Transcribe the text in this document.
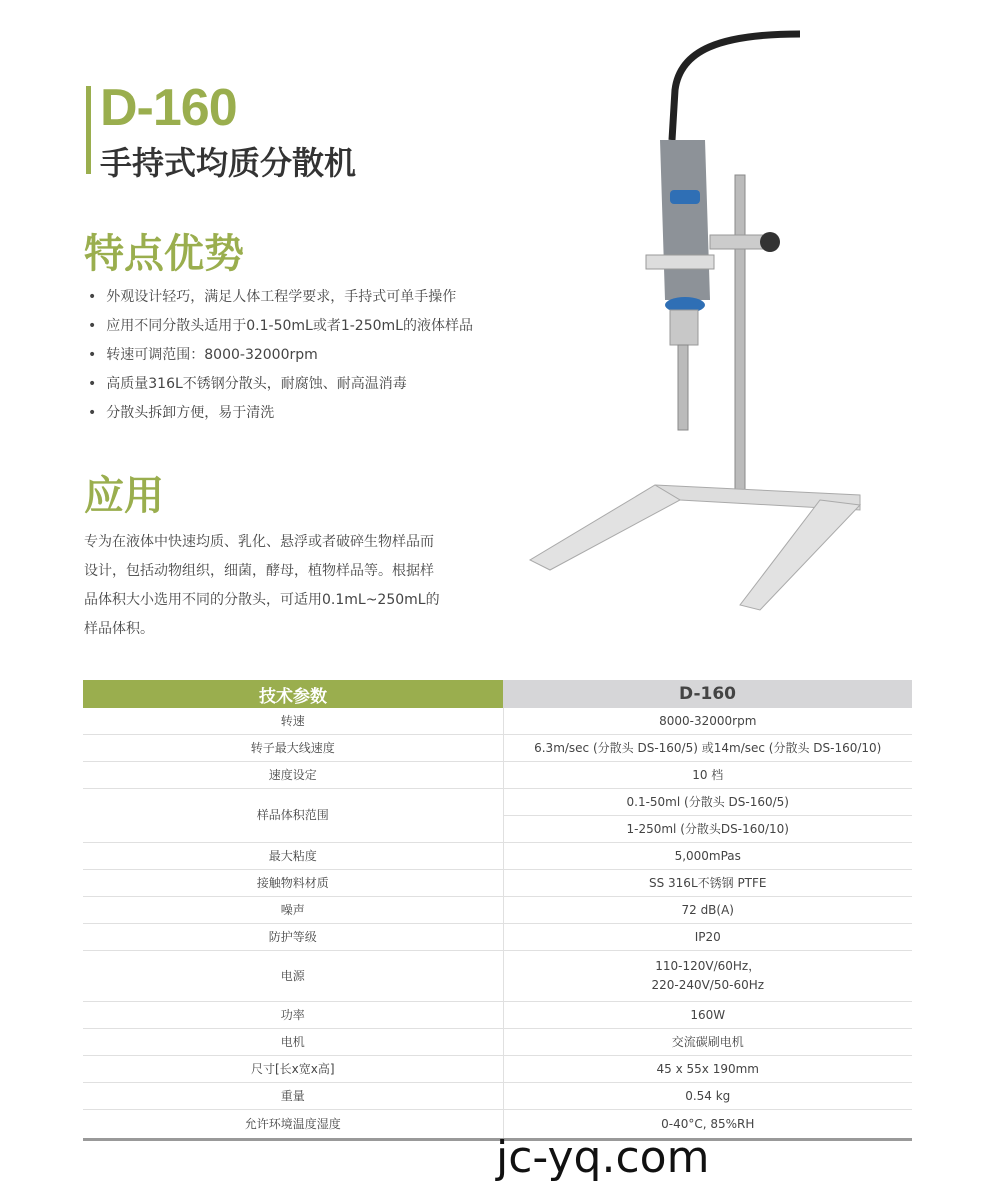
D-160
手持式均质分散机
特点优势
• 外观设计轻巧，满足人体工程学要求，手持式可单手操作
• 应用不同分散头适用于0.1-50mL或者1-250mL的液体样品
• 转速可调范围：8000-32000rpm
• 高质量316L不锈钢分散头，耐腐蚀、耐高温消毒
• 分散头拆卸方便，易于清洗
应用
专为在液体中快速均质、乳化、悬浮或者破碎生物样品而设计，包括动物组织，细菌，酵母，植物样品等。根据样品体积大小选用不同的分散头，可适用0.1mL~250mL的样品体积。
技术参数	D-160
转速	8000-32000rpm
转子最大线速度	6.3m/sec (分散头 DS-160/5) 或14m/sec (分散头 DS-160/10)
速度设定	10 档
样品体积范围	0.1-50ml (分散头 DS-160/5)
	1-250ml (分散头DS-160/10)
最大粘度	5,000mPas
接触物料材质	SS 316L不锈钢 PTFE
噪声	72 dB(A)
防护等级	IP20
电源	110-120V/60Hz，
220-240V/50-60Hz

功率	160W
电机	交流碳刷电机
尺寸[长x宽x高]	45 x 55x 190mm
重量	0.54 kg
允许环境温度湿度	0-40°C, 85%RH
jc-yq.com
